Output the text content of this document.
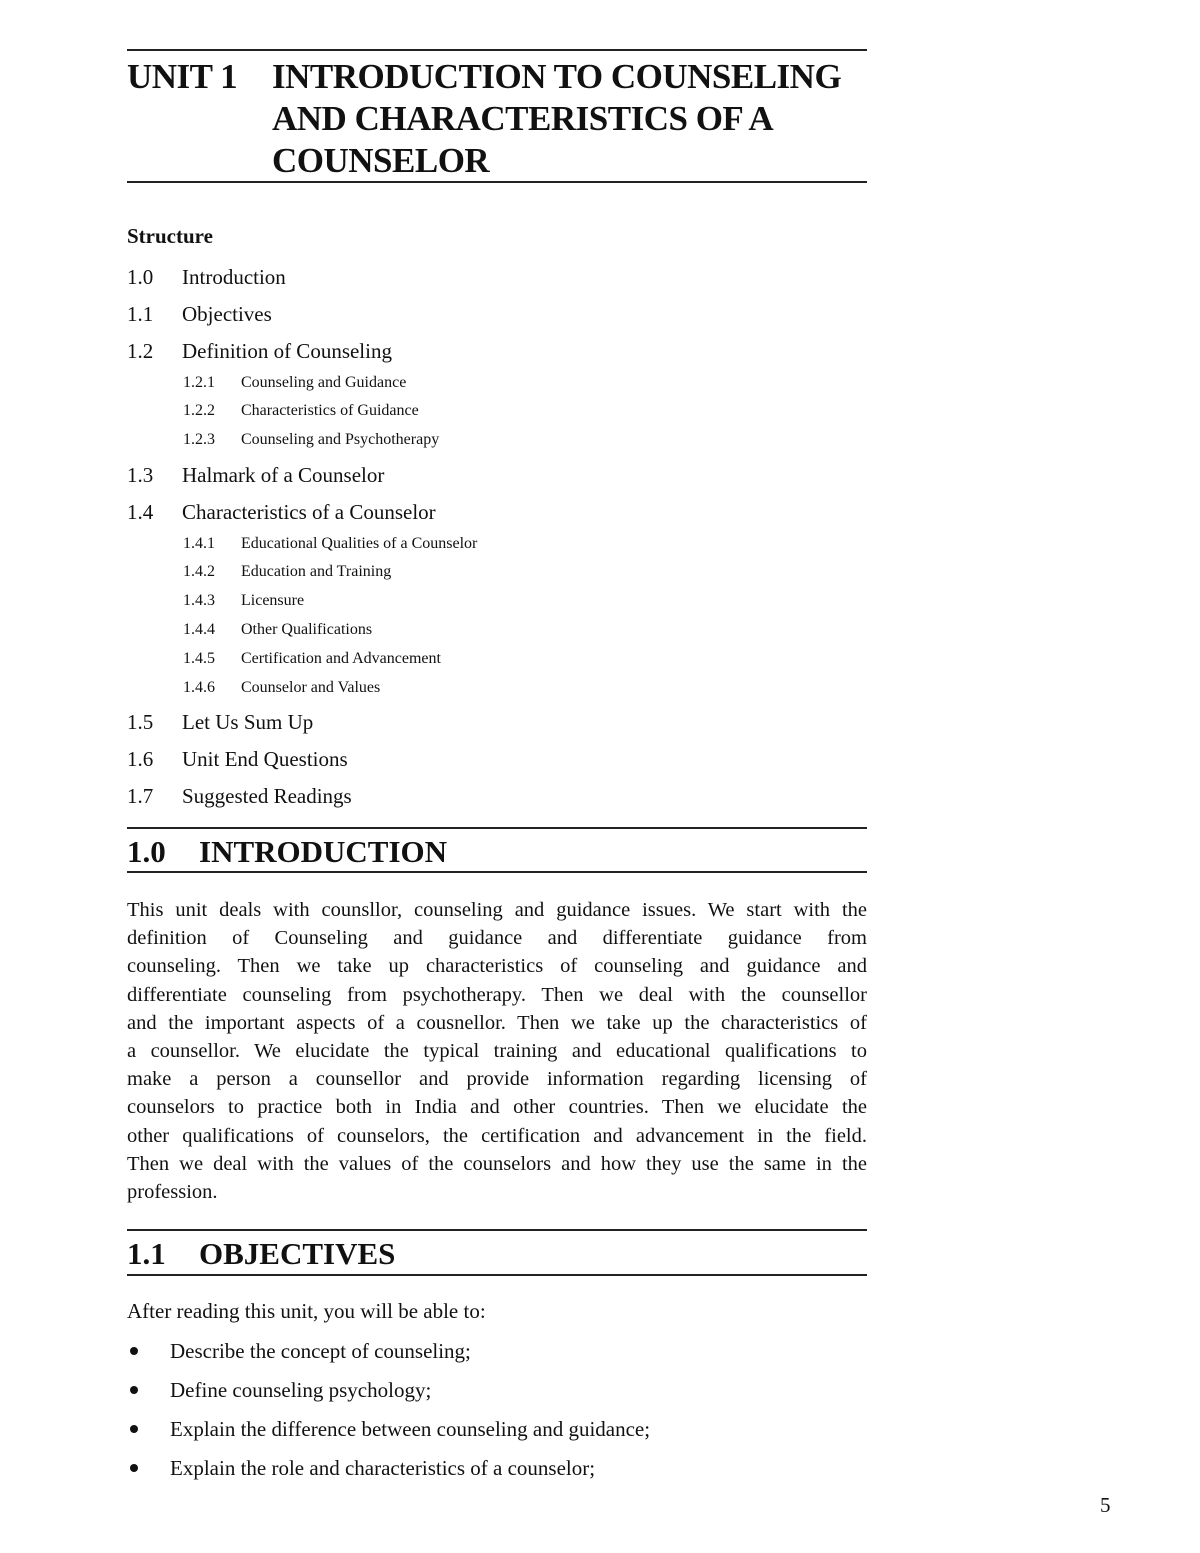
UNIT 1 INTRODUCTION TO COUNSELING
AND CHARACTERISTICS OF A
COUNSELOR
Structure
1.0 Introduction
1.1 Objectives
1.2 Definition of Counseling
1.2.1 Counseling and Guidance
1.2.2 Characteristics of Guidance
1.2.3 Counseling and Psychotherapy
1.3 Halmark of a Counselor
1.4 Characteristics of a Counselor
1.4.1 Educational Qualities of a Counselor
1.4.2 Education and Training
1.4.3 Licensure
1.4.4 Other Qualifications
1.4.5 Certification and Advancement
1.4.6 Counselor and Values
1.5 Let Us Sum Up
1.6 Unit End Questions
1.7 Suggested Readings
1.0 INTRODUCTION
This unit deals with counsllor, counseling and guidance issues. We start with the
definition of Counseling and guidance and differentiate guidance from
counseling. Then we take up characteristics of counseling and guidance and
differentiate counseling from psychotherapy. Then we deal with the counsellor
and the important aspects of a cousnellor. Then we take up the characteristics of
a counsellor. We elucidate the typical training and educational qualifications to
make a person a counsellor and provide information regarding licensing of
counselors to practice both in India and other countries. Then we elucidate the
other qualifications of counselors, the certification and advancement in the field.
Then we deal with the values of the counselors and how they use the same in the
profession.
1.1 OBJECTIVES
After reading this unit, you will be able to:
Describe the concept of counseling;
Define counseling psychology;
Explain the difference between counseling and guidance;
Explain the role and characteristics of a counselor;
5
